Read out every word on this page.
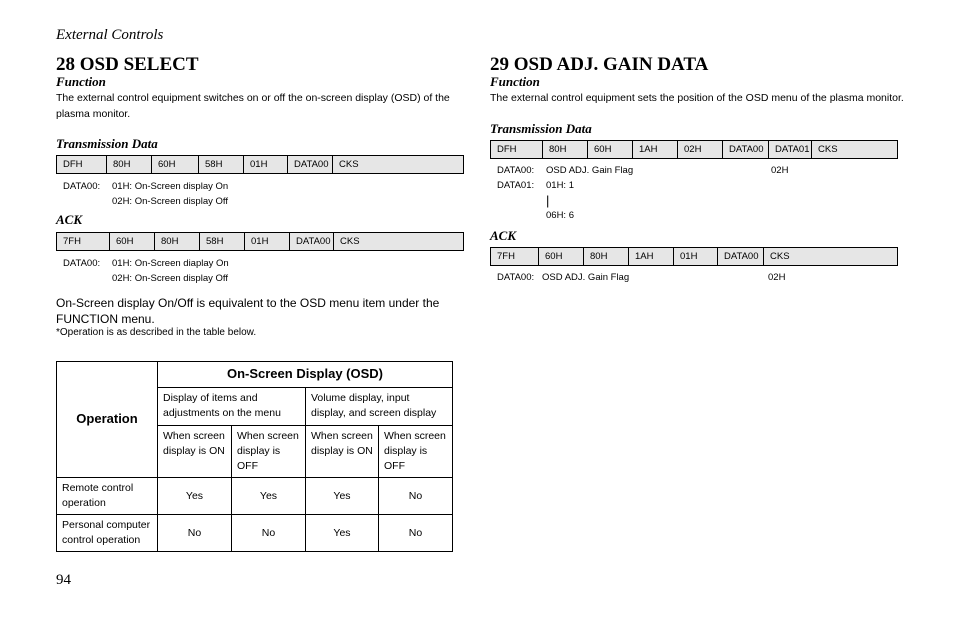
External Controls
28 OSD SELECT
Function
The external control equipment switches on or off the on-screen display (OSD) of the
plasma monitor.
Transmission Data
DFH	80H	60H	58H	01H	DATA00	CKS
DATA00:	01H: On-Screen display On
02H: On-Screen display Off
ACK
7FH	60H	80H	58H	01H	DATA00	CKS
DATA00:	01H: On-Screen diaplay On
02H: On-Screen display Off
On-Screen display On/Off is equivalent to the OSD menu item under the
FUNCTION menu.
*Operation is as described in the table below.
Operation	On-Screen Display (OSD)			
	Display of items and adjustments on the menu		Volume display, input display, and screen display	
	When screen display is ON	When screen display is OFF	When screen display is ON	When screen display is OFF
Remote control operation	Yes	Yes	Yes	No
Personal computer control operation	No	No	Yes	No
29 OSD ADJ. GAIN DATA
Function
The external control equipment sets the position of the OSD menu of the plasma monitor.
Transmission Data
DFH	80H	60H	1AH	02H	DATA00	DATA01 CKS
DATA00:	OSD ADJ. Gain Flag	02H
DATA01:	01H: 1
|
06H: 6
ACK
7FH	60H	80H	1AH	01H	DATA00	CKS
DATA00: OSD ADJ. Gain Flag	02H
94
